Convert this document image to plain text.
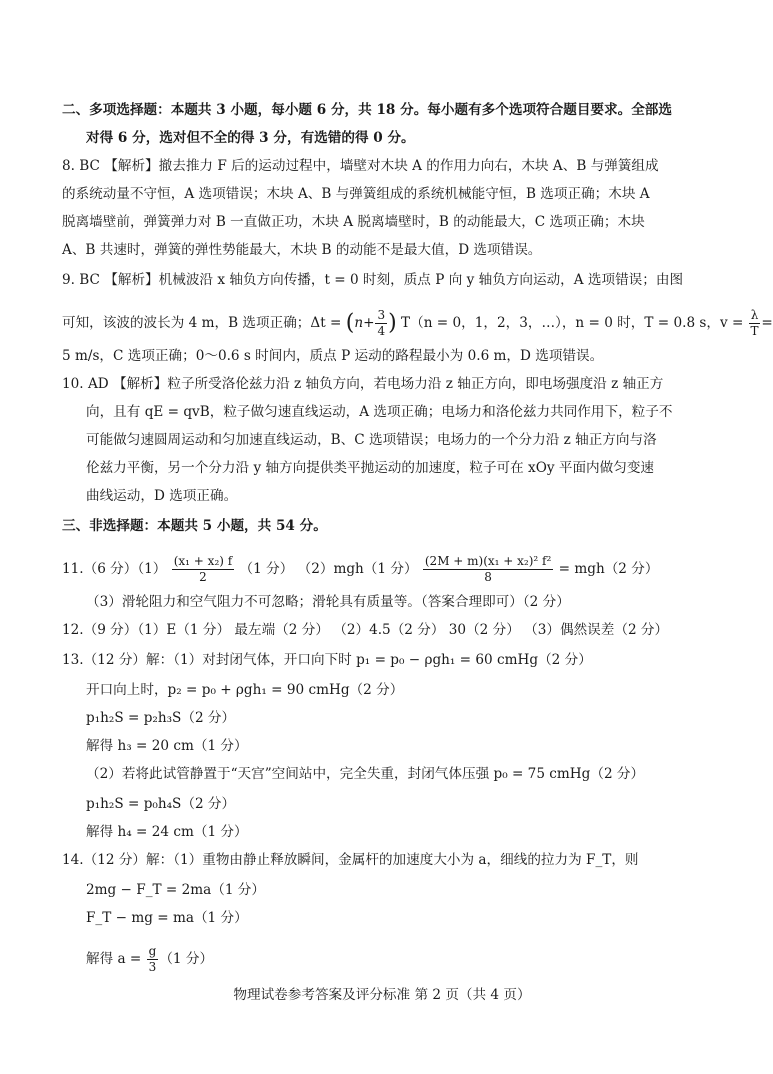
二、多项选择题：本题共 3 小题，每小题 6 分，共 18 分。每小题有多个选项符合题目要求。全部选
对得 6 分，选对但不全的得 3 分，有选错的得 0 分。
8. BC 【解析】撤去推力 F 后的运动过程中，墙壁对木块 A 的作用力向右，木块 A、B 与弹簧组成
的系统动量不守恒，A 选项错误；木块 A、B 与弹簧组成的系统机械能守恒，B 选项正确；木块 A
脱离墙壁前，弹簧弹力对 B 一直做正功，木块 A 脱离墙壁时，B 的动能最大，C 选项正确；木块
A、B 共速时，弹簧的弹性势能最大，木块 B 的动能不是最大值，D 选项错误。
9. BC 【解析】机械波沿 x 轴负方向传播，t = 0 时刻，质点 P 向 y 轴负方向运动，A 选项错误；由图
可知，该波的波长为 4 m，B 选项正确；$\Delta t = (n+ \frac{3}{4}$ ) T（n = 0，1，2，3，…），n = 0 时，T = 0.8 s，$v = \frac{\lambda}{T}$ =
5 m/s，C 选项正确；0～0.6 s 时间内，质点 P 运动的路程最小为 0.6 m，D 选项错误。
10. AD 【解析】粒子所受洛伦兹力沿 z 轴负方向，若电场力沿 z 轴正方向，即电场强度沿 z 轴正方
向，且有 qE = qvB，粒子做匀速直线运动，A 选项正确；电场力和洛伦兹力共同作用下，粒子不
可能做匀速圆周运动和匀加速直线运动，B、C 选项错误；电场力的一个分力沿 z 轴正方向与洛
伦兹力平衡，另一个分力沿 y 轴方向提供类平抛运动的加速度，粒子可在 xOy 平面内做匀变速
曲线运动，D 选项正确。
三、非选择题：本题共 5 小题，共 54 分。
11.（6 分）$(1) \frac{\text{(x₁ + x₂) f}}{2} (1$ 分） （2）mgh（1 分） $\frac{\text{(2M + m)(x₁ + x₂)² f²}}{8} = mgh(2$ 分）
（3）滑轮阻力和空气阻力不可忽略；滑轮具有质量等。（答案合理即可）（2 分）
12.（9 分）（1）E（1 分） 最左端（2 分） （2）4.5（2 分） 30（2 分） （3）偶然误差（2 分）
13.（12 分）解：（1）对封闭气体，开口向下时 p₁ = p₀ − ρgh₁ = 60 cmHg（2 分）
开口向上时，p₂ = p₀ + ρgh₁ = 90 cmHg（2 分）
p₁h₂S = p₂h₃S（2 分）
解得 h₃ = 20 cm（1 分）
（2）若将此试管静置于“天宫”空间站中，完全失重，封闭气体压强 p₀ = 75 cmHg（2 分）
p₁h₂S = p₀h₄S（2 分）
解得 h₄ = 24 cm（1 分）
14.（12 分）解：（1）重物由静止释放瞬间，金属杆的加速度大小为 a，细线的拉力为 F_T，则
2mg − F_T = 2ma（1 分）
F_T − mg = ma（1 分）
解得 $a = \frac{g}{3} (1$ 分）
物理试卷参考答案及评分标准 第 2 页（共 4 页）
